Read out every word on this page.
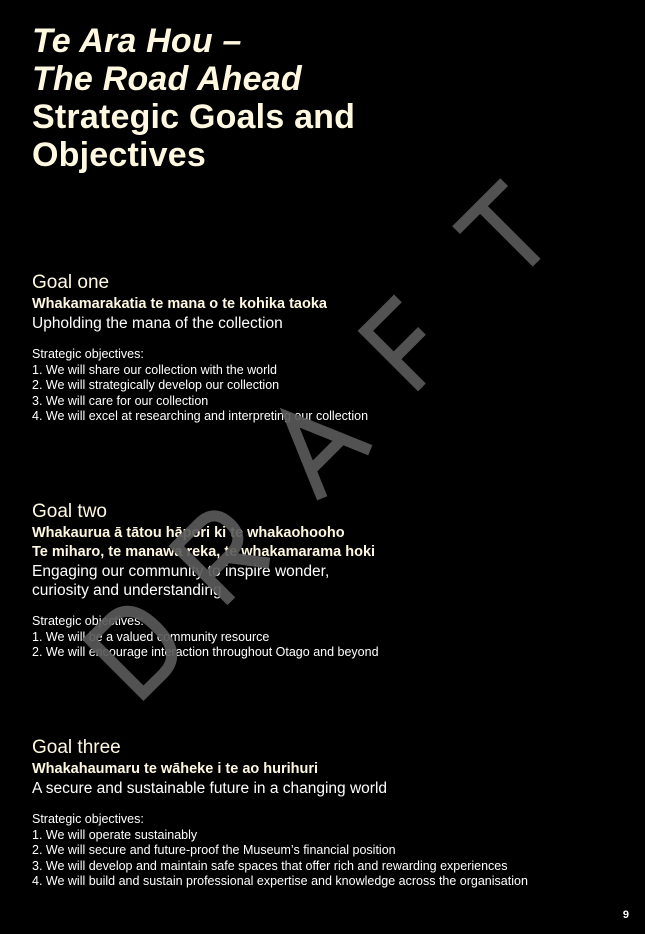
Te Ara Hou –
The Road Ahead
Strategic Goals and
Objectives
Goal one
Whakamarakatia te mana o te kohika taoka
Upholding the mana of the collection
Strategic objectives:
1. We will share our collection with the world
2. We will strategically develop our collection
3. We will care for our collection
4. We will excel at researching and interpreting our collection
Goal two
Whakaurua ā tātou hāpori ki te whakaohooho
Te miharo, te manawa reka, te whakamarama hoki
Engaging our community to inspire wonder,
curiosity and understanding
Strategic objectives:
1. We will be a valued community resource
2. We will encourage interaction throughout Otago and beyond
Goal three
Whakahaumaru te wāheke i te ao hurihuri
A secure and sustainable future in a changing world
Strategic objectives:
1. We will operate sustainably
2. We will secure and future-proof the Museum’s financial position
3. We will develop and maintain safe spaces that offer rich and rewarding experiences
4. We will build and sustain professional expertise and knowledge across the organisation
9
